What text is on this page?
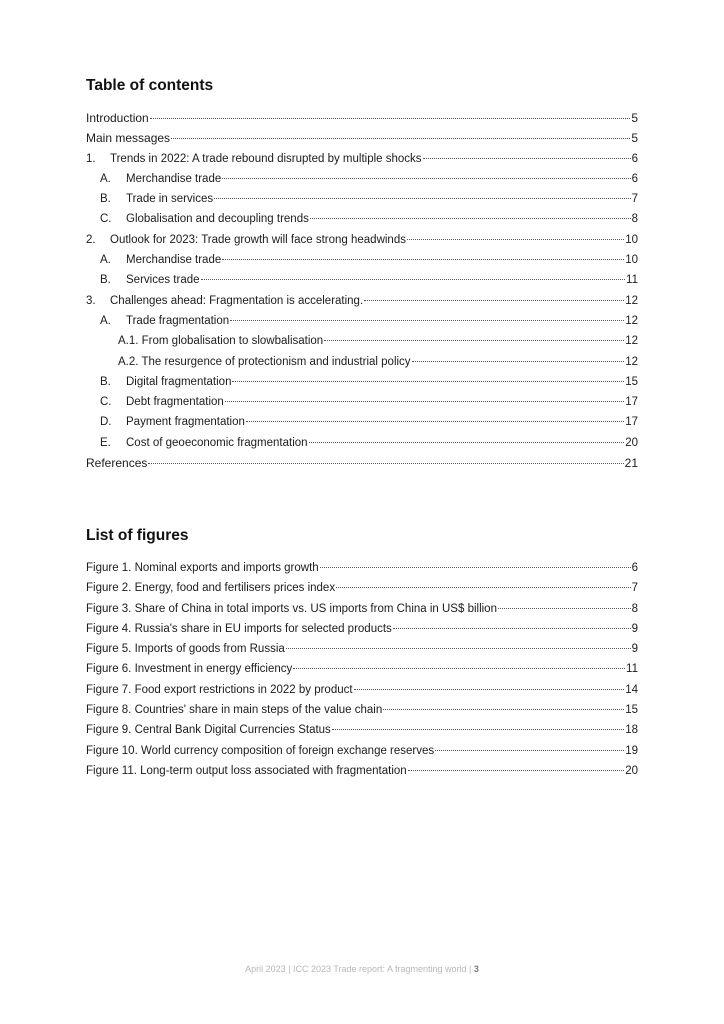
Table of contents
Introduction	5
Main messages	5
1.	Trends in 2022: A trade rebound disrupted by multiple shocks	6
A.	Merchandise trade	6
B.	Trade in services	7
C.	Globalisation and decoupling trends	8
2.	Outlook for 2023: Trade growth will face strong headwinds	10
A.	Merchandise trade	10
B.	Services trade	11
3.	Challenges ahead: Fragmentation is accelerating.	12
A.	Trade fragmentation	12
A.1. From globalisation to slowbalisation	12
A.2. The resurgence of protectionism and industrial policy	12
B.	Digital fragmentation	15
C.	Debt fragmentation	17
D.	Payment fragmentation	17
E.	Cost of geoeconomic fragmentation	20
References	21
List of figures
Figure 1. Nominal exports and imports growth	6
Figure 2. Energy, food and fertilisers prices index	7
Figure 3. Share of China in total imports vs. US imports from China in US$ billion	8
Figure 4. Russia's share in EU imports for selected products	9
Figure 5. Imports of goods from Russia	9
Figure 6. Investment in energy efficiency	11
Figure 7. Food export restrictions in 2022 by product	14
Figure 8. Countries' share in main steps of the value chain	15
Figure 9. Central Bank Digital Currencies Status	18
Figure 10. World currency composition of foreign exchange reserves	19
Figure 11. Long-term output loss associated with fragmentation	20
April 2023 | ICC 2023 Trade report: A fragmenting world | 3
